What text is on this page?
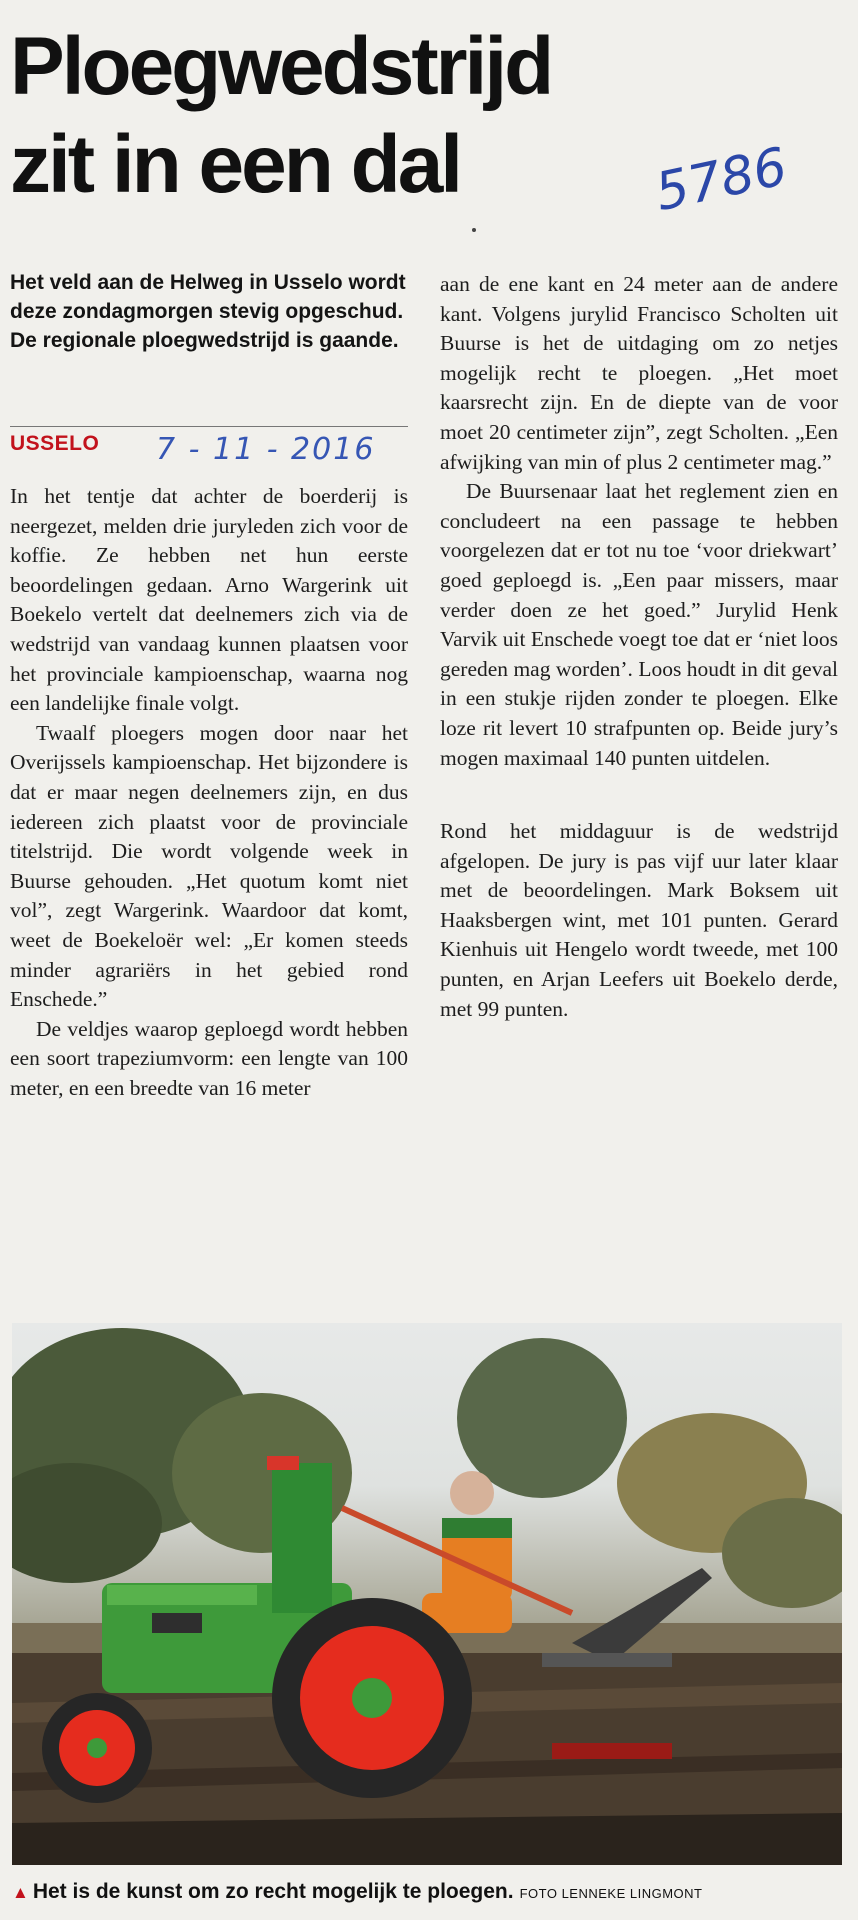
Ploegwedstrijd
zit in een dal	5786
Het veld aan de Helweg in Usselo wordt deze zondagmorgen stevig opgeschud. De regionale ploegwedstrijd is gaande.
USSELO 7 - 11 - 2016

In het tentje dat achter de boerderij is neergezet, melden drie juryleden zich voor de koffie. Ze hebben net hun eerste beoordelingen gedaan. Arno Wargerink uit Boekelo vertelt dat deelnemers zich via de wedstrijd van vandaag kunnen plaatsen voor het provinciale kampioenschap, waarna nog een landelijke finale volgt.

Twaalf ploegers mogen door naar het Overijssels kampioenschap. Het bijzondere is dat er maar negen deelnemers zijn, en dus iedereen zich plaatst voor de provinciale titelstrijd. Die wordt volgende week in Buurse gehouden. „Het quotum komt niet vol”, zegt Wargerink. Waardoor dat komt, weet de Boekeloër wel: „Er komen steeds minder agrariërs in het gebied rond Enschede.”

De veldjes waarop geploegd wordt hebben een soort trapeziumvorm: een lengte van 100 meter, en een breedte van 16 meter

aan de ene kant en 24 meter aan de andere kant. Volgens jurylid Francisco Scholten uit Buurse is het de uitdaging om zo netjes mogelijk recht te ploegen. „Het moet kaarsrecht zijn. En de diepte van de voor moet 20 centimeter zijn”, zegt Scholten. „Een afwijking van min of plus 2 centimeter mag.”

De Buursenaar laat het reglement zien en concludeert na een passage te hebben voorgelezen dat er tot nu toe ‘voor driekwart’ goed geploegd is. „Een paar missers, maar verder doen ze het goed.” Jurylid Henk Varvik uit Enschede voegt toe dat er ‘niet loos gereden mag worden’. Loos houdt in dit geval in een stukje rijden zonder te ploegen. Elke loze rit levert 10 strafpunten op. Beide jury’s mogen maximaal 140 punten uitdelen.

Rond het middaguur is de wedstrijd afgelopen. De jury is pas vijf uur later klaar met de beoordelingen. Mark Boksem uit Haaksbergen wint, met 101 punten. Gerard Kienhuis uit Hengelo wordt tweede, met 100 punten, en Arjan Leefers uit Boekelo derde, met 99 punten.

▲ Het is de kunst om zo recht mogelijk te ploegen. FOTO LENNEKE LINGMONT
